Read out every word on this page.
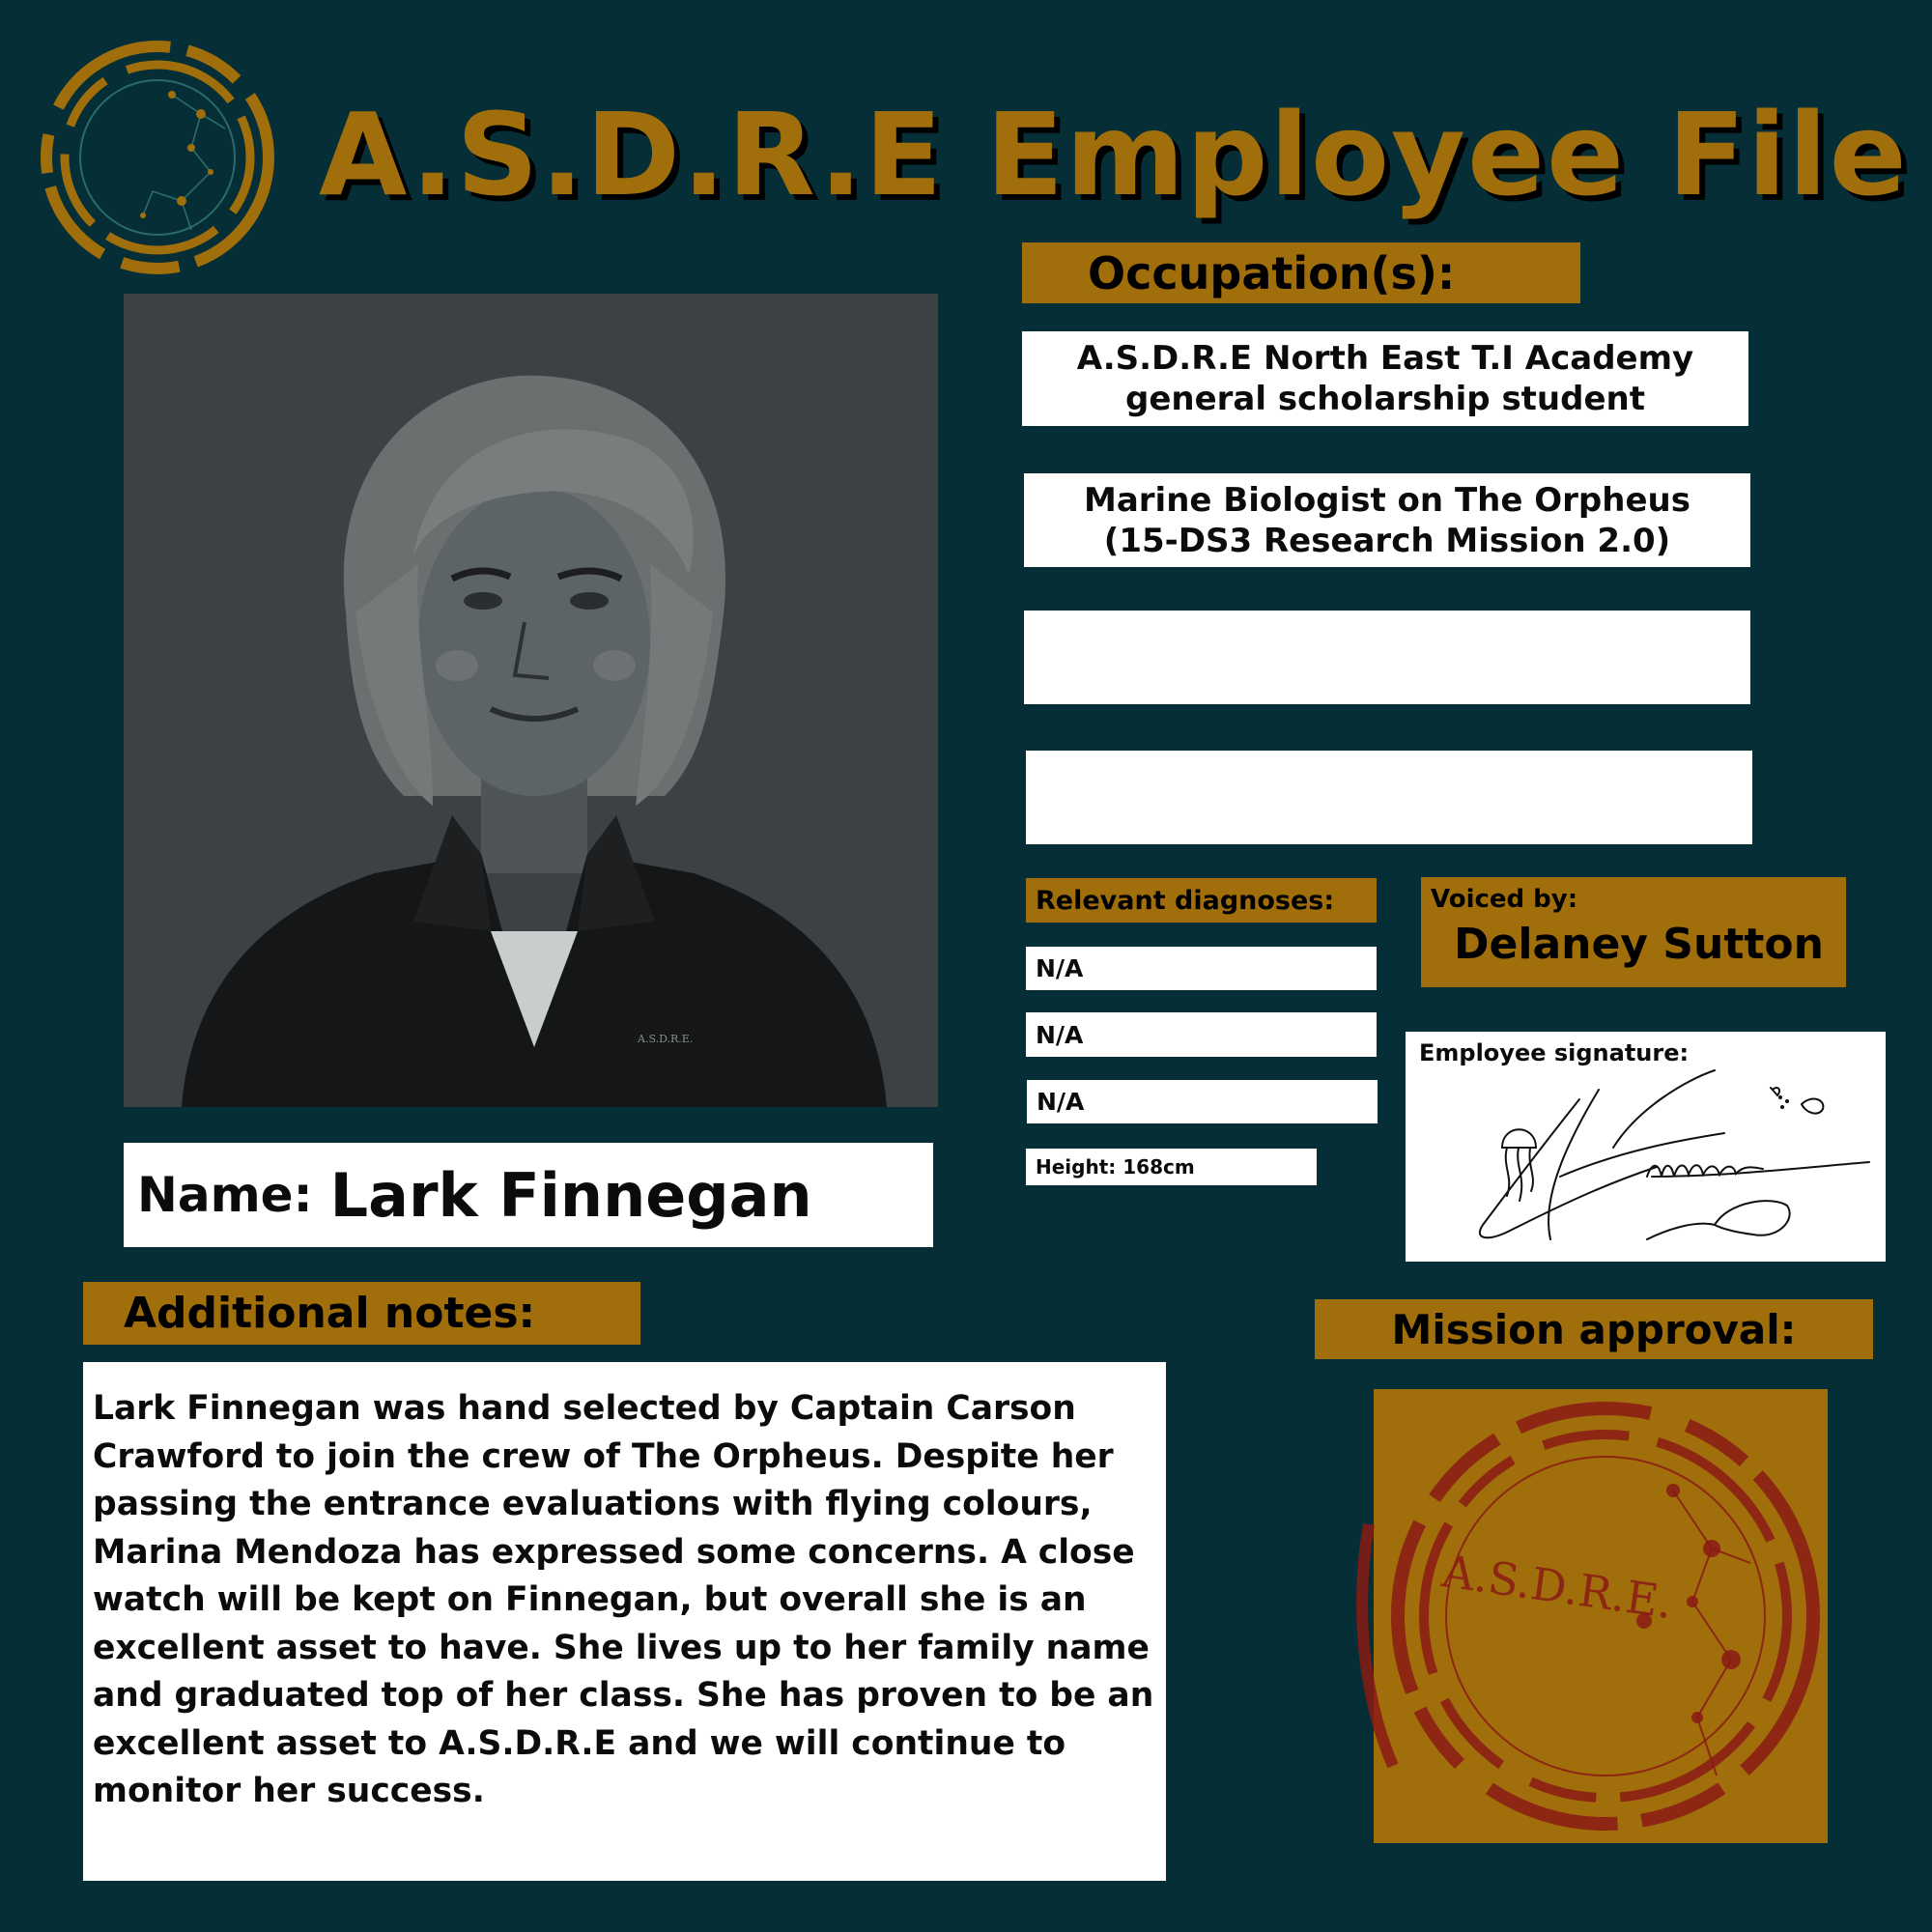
A.S.D.R.E Employee File
A.S.D.R.E.
Occupation(s):
A.S.D.R.E North East T.I Academy
general scholarship student
Marine Biologist on The Orpheus
(15-DS3 Research Mission 2.0)
Relevant diagnoses:
N/A
N/A
N/A
Height: 168cm
Voiced by:
Delaney Sutton
Employee signature:
Name: Lark Finnegan
Additional notes:
Lark Finnegan was hand selected by Captain Carson Crawford to join the crew of The Orpheus. Despite her passing the entrance evaluations with flying colours, Marina Mendoza has expressed some concerns. A close watch will be kept on Finnegan, but overall she is an excellent asset to have. She lives up to her family name and graduated top of her class. She has proven to be an excellent asset to A.S.D.R.E and we will continue to monitor her success.
Mission approval:
A.S.D.R.E.
